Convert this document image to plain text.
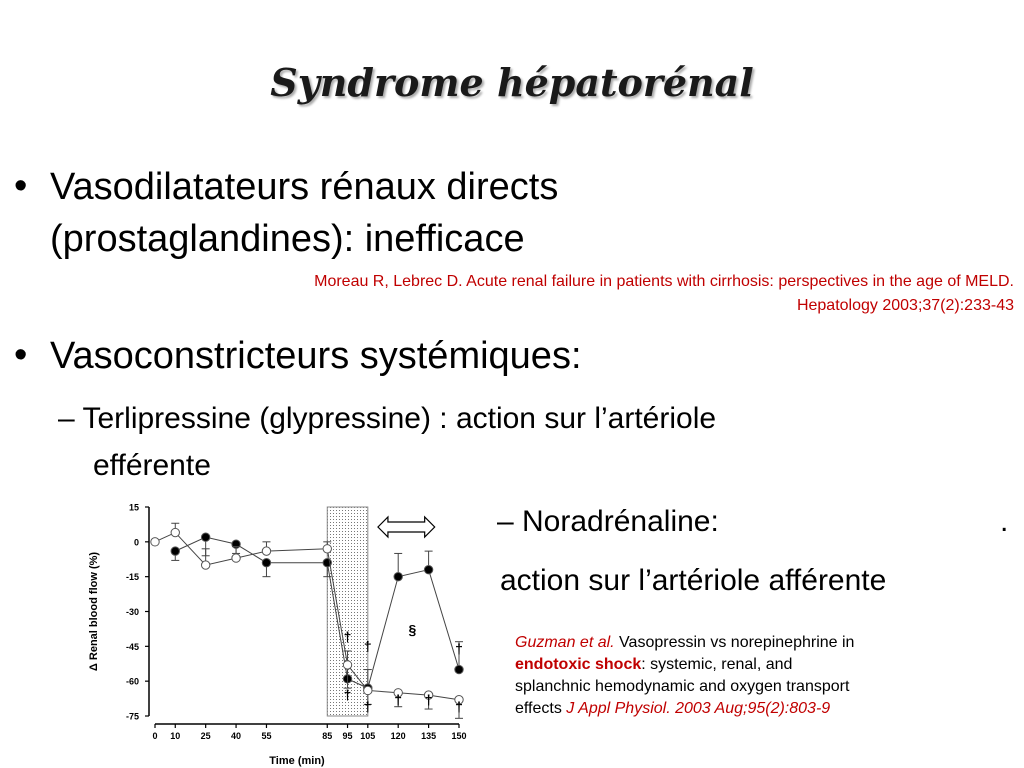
Syndrome hépatorénal
• Vasodilatateurs rénaux directs
(prostaglandines): inefficace
Moreau R, Lebrec D. Acute renal failure in patients with cirrhosis: perspectives in the age of MELD.
Hepatology 2003;37(2):233-43
• Vasoconstricteurs systémiques:
– Terlipressine (glypressine) : action sur l’artériole
efférente
– Noradrénaline:	.
action sur l’artériole afférente
Guzman et al. Vasopressin vs norepinephrine in
endotoxic shock: systemic, renal, and
splanchnic hemodynamic and oxygen transport
effects J Appl Physiol. 2003 Aug;95(2):803-9
15
0
-15
-30
-45
-60
-75
0 10 25 40 55	85 95 105 120 135 150
Time (min)
Δ Renal blood flow (%)	†
†	†
§
†
† † † †
